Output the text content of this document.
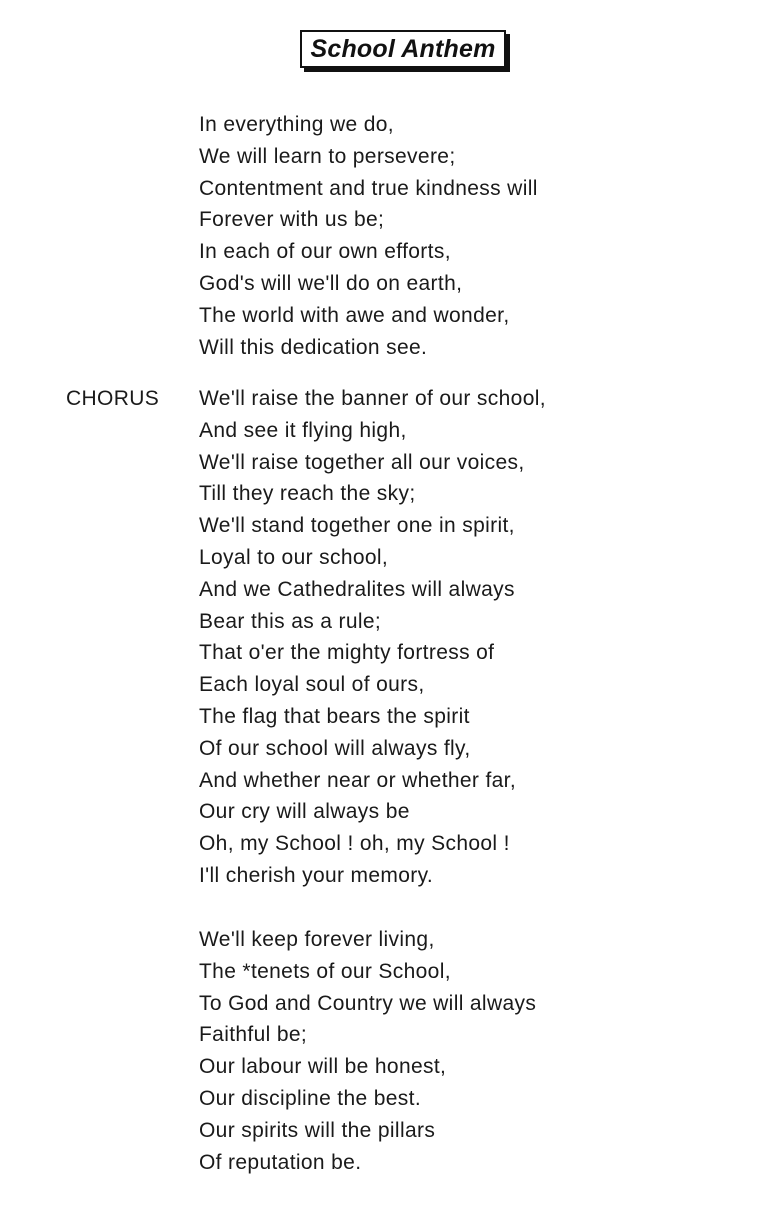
School Anthem
In everything we do,
We will learn to persevere;
Contentment and true kindness will
Forever with us be;
In each of our own efforts,
God's will we'll do on earth,
The world with awe and wonder,
Will this dedication see.
CHORUS We'll raise the banner of our school,
And see it flying high,
We'll raise together all our voices,
Till they reach the sky;
We'll stand together one in spirit,
Loyal to our school,
And we Cathedralites will always
Bear this as a rule;
That o'er the mighty fortress of
Each loyal soul of ours,
The flag that bears the spirit
Of our school will always fly,
And whether near or whether far,
Our cry will always be
Oh, my School ! oh, my School !
I'll cherish your memory.
We'll keep forever living,
The *tenets of our School,
To God and Country we will always
Faithful be;
Our labour will be honest,
Our discipline the best.
Our spirits will the pillars
Of reputation be.
